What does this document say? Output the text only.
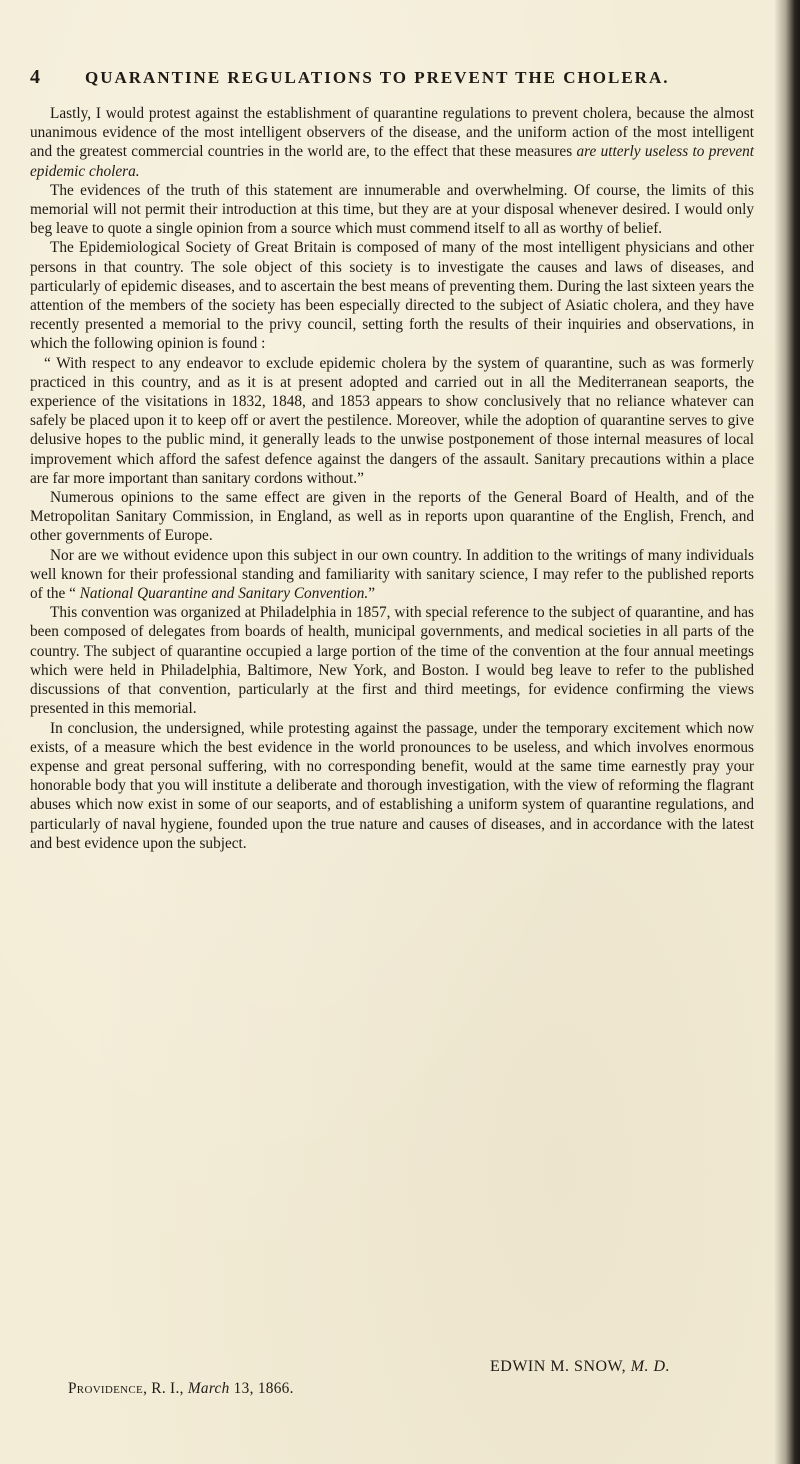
4	QUARANTINE REGULATIONS TO PREVENT THE CHOLERA.

Lastly, I would protest against the establishment of quarantine regulations to prevent cholera, because the almost unanimous evidence of the most intelligent observers of the disease, and the uniform action of the most intelligent and the greatest commercial countries in the world are, to the effect that these measures are utterly useless to prevent epidemic cholera.

The evidences of the truth of this statement are innumerable and overwhelming. Of course, the limits of this memorial will not permit their introduction at this time, but they are at your disposal whenever desired. I would only beg leave to quote a single opinion from a source which must commend itself to all as worthy of belief.

The Epidemiological Society of Great Britain is composed of many of the most intelligent physicians and other persons in that country. The sole object of this society is to investigate the causes and laws of diseases, and particularly of epidemic diseases, and to ascertain the best means of preventing them. During the last sixteen years the attention of the members of the society has been especially directed to the subject of Asiatic cholera, and they have recently presented a memorial to the privy council, setting forth the results of their inquiries and observations, in which the following opinion is found :

“ With respect to any endeavor to exclude epidemic cholera by the system of quarantine, such as was formerly practiced in this country, and as it is at present adopted and carried out in all the Mediterranean seaports, the experience of the visitations in 1832, 1848, and 1853 appears to show conclusively that no reliance whatever can safely be placed upon it to keep off or avert the pestilence. Moreover, while the adoption of quarantine serves to give delusive hopes to the public mind, it generally leads to the unwise postponement of those internal measures of local improvement which afford the safest defence against the dangers of the assault. Sanitary precautions within a place are far more important than sanitary cordons without.”

Numerous opinions to the same effect are given in the reports of the General Board of Health, and of the Metropolitan Sanitary Commission, in England, as well as in reports upon quarantine of the English, French, and other governments of Europe.

Nor are we without evidence upon this subject in our own country. In addition to the writings of many individuals well known for their professional standing and familiarity with sanitary science, I may refer to the published reports of the “ National Quarantine and Sanitary Convention.”

This convention was organized at Philadelphia in 1857, with special reference to the subject of quarantine, and has been composed of delegates from boards of health, municipal governments, and medical societies in all parts of the country. The subject of quarantine occupied a large portion of the time of the convention at the four annual meetings which were held in Philadelphia, Baltimore, New York, and Boston. I would beg leave to refer to the published discussions of that convention, particularly at the first and third meetings, for evidence confirming the views presented in this memorial.

In conclusion, the undersigned, while protesting against the passage, under the temporary excitement which now exists, of a measure which the best evidence in the world pronounces to be useless, and which involves enormous expense and great personal suffering, with no corresponding benefit, would at the same time earnestly pray your honorable body that you will institute a deliberate and thorough investigation, with the view of reforming the flagrant abuses which now exist in some of our seaports, and of establishing a uniform system of quarantine regulations, and particularly of naval hygiene, founded upon the true nature and causes of diseases, and in accordance with the latest and best evidence upon the subject.

EDWIN M. SNOW, M. D.
Providence, R. I., March 13, 1866.
